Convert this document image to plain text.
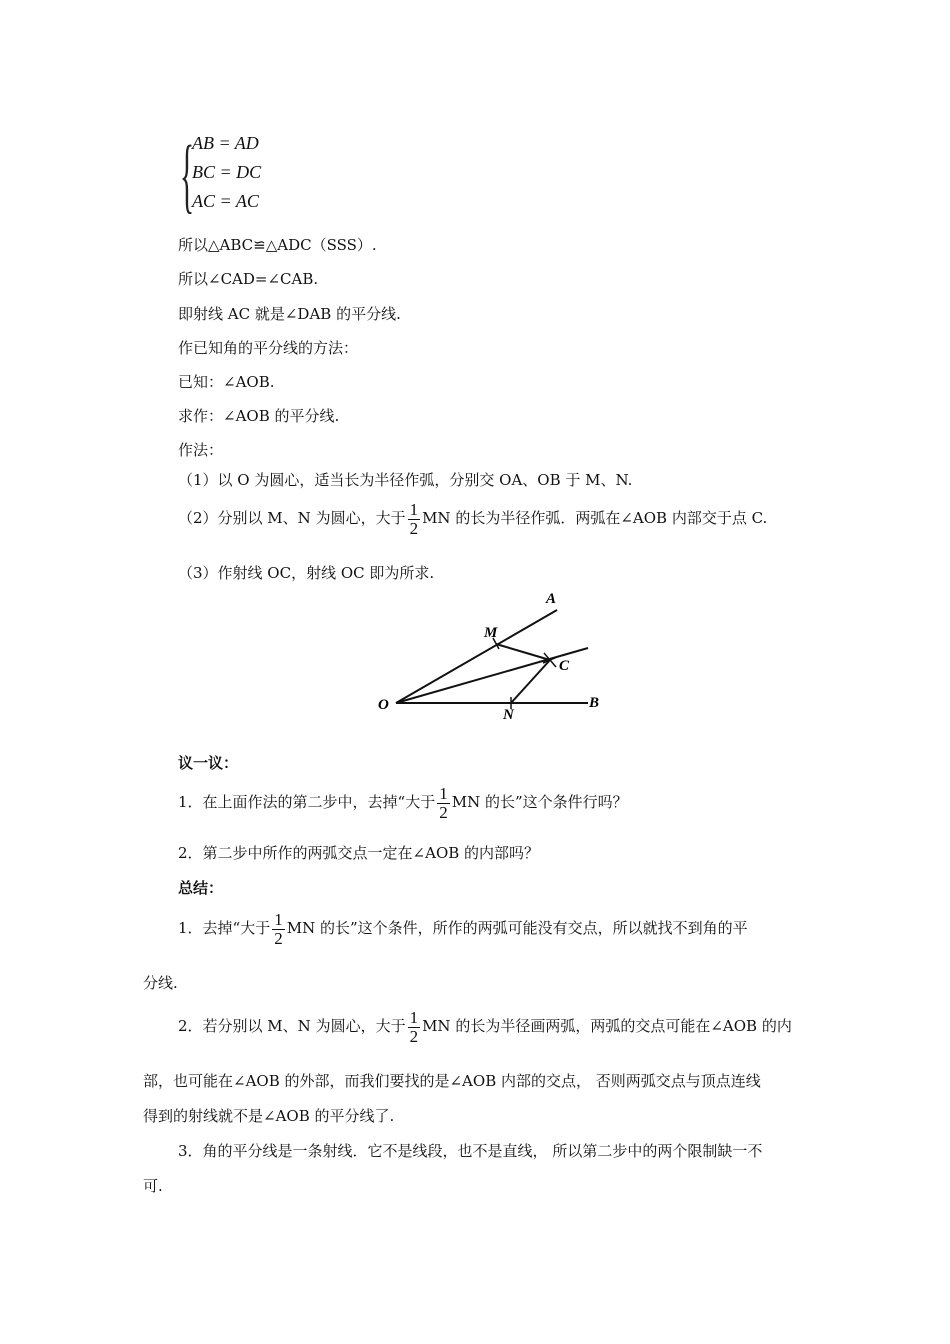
{
AB = AD
BC = DC
AC = AC
所以△ABC≌△ADC（SSS）.
所以∠CAD=∠CAB.
即射线 AC 就是∠DAB 的平分线.
作已知角的平分线的方法：
已知：∠AOB.
求作：∠AOB 的平分线.
作法：
（1）以 O 为圆心，适当长为半径作弧，分别交 OA、OB 于 M、N.
（2）分别以 M、N 为圆心，大于 $\frac{1}{2}$ MN 的长为半径作弧．两弧在∠AOB 内部交于点 C.
（3）作射线 OC，射线 OC 即为所求.
A
M
C
O
N
B
议一议：
1．在上面作法的第二步中，去掉“大于 $\frac{1}{2}$ MN 的长”这个条件行吗？
2．第二步中所作的两弧交点一定在∠AOB 的内部吗？
总结：
1．去掉“大于 $\frac{1}{2}$ MN 的长”这个条件，所作的两弧可能没有交点，所以就找不到角的平
分线.
2．若分别以 M、N 为圆心，大于 $\frac{1}{2}$ MN 的长为半径画两弧，两弧的交点可能在∠AOB 的内
部，也可能在∠AOB 的外部，而我们要找的是∠AOB 内部的交点， 否则两弧交点与顶点连线
得到的射线就不是∠AOB 的平分线了.
3．角的平分线是一条射线．它不是线段，也不是直线， 所以第二步中的两个限制缺一不
可.
